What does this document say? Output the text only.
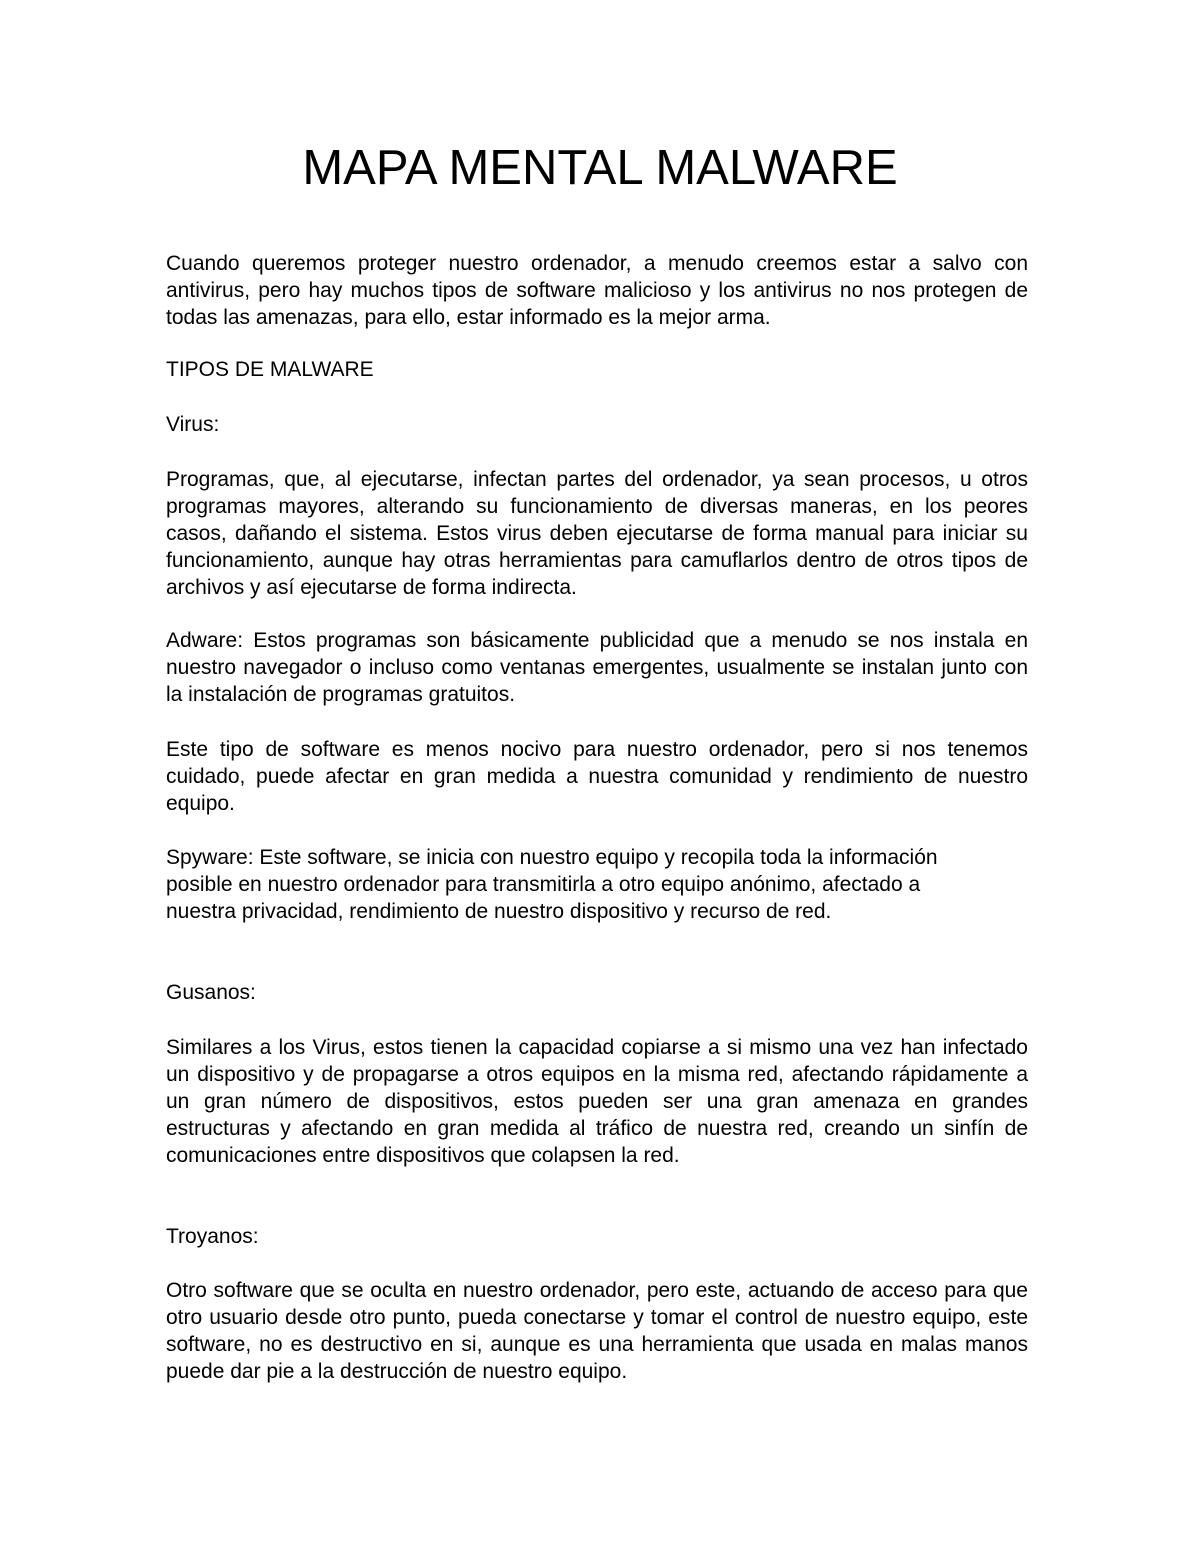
MAPA MENTAL MALWARE

Cuando queremos proteger nuestro ordenador, a menudo creemos estar a salvo con antivirus, pero hay muchos tipos de software malicioso y los antivirus no nos protegen de todas las amenazas, para ello, estar informado es la mejor arma.

TIPOS DE MALWARE

Virus:

Programas, que, al ejecutarse, infectan partes del ordenador, ya sean procesos, u otros programas mayores, alterando su funcionamiento de diversas maneras, en los peores casos, dañando el sistema. Estos virus deben ejecutarse de forma manual para iniciar su funcionamiento, aunque hay otras herramientas para camuflarlos dentro de otros tipos de archivos y así ejecutarse de forma indirecta.

Adware: Estos programas son básicamente publicidad que a menudo se nos instala en nuestro navegador o incluso como ventanas emergentes, usualmente se instalan junto con la instalación de programas gratuitos.

Este tipo de software es menos nocivo para nuestro ordenador, pero si nos tenemos cuidado, puede afectar en gran medida a nuestra comunidad y rendimiento de nuestro equipo.

Spyware: Este software, se inicia con nuestro equipo y recopila toda la información posible en nuestro ordenador para transmitirla a otro equipo anónimo, afectado a nuestra privacidad, rendimiento de nuestro dispositivo y recurso de red.

Gusanos:

Similares a los Virus, estos tienen la capacidad copiarse a si mismo una vez han infectado un dispositivo y de propagarse a otros equipos en la misma red, afectando rápidamente a un gran número de dispositivos, estos pueden ser una gran amenaza en grandes estructuras y afectando en gran medida al tráfico de nuestra red, creando un sinfín de comunicaciones entre dispositivos que colapsen la red.

Troyanos:

Otro software que se oculta en nuestro ordenador, pero este, actuando de acceso para que otro usuario desde otro punto, pueda conectarse y tomar el control de nuestro equipo, este software, no es destructivo en si, aunque es una herramienta que usada en malas manos puede dar pie a la destrucción de nuestro equipo.
